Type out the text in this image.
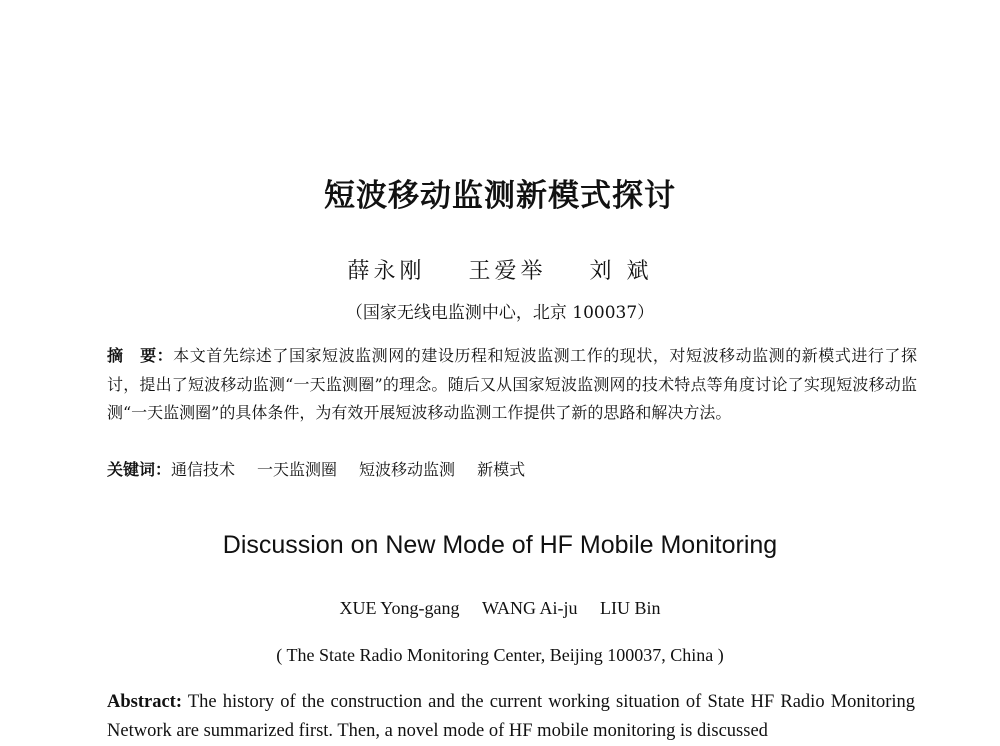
短波移动监测新模式探讨
薛永刚 王爱举 刘 斌
（国家无线电监测中心，北京 100037）
摘　要：本文首先综述了国家短波监测网的建设历程和短波监测工作的现状，对短波移动监测的新模式进行了探讨，提出了短波移动监测“一天监测圈”的理念。随后又从国家短波监测网的技术特点等角度讨论了实现短波移动监测“一天监测圈”的具体条件，为有效开展短波移动监测工作提供了新的思路和解决方法。
关键词：通信技术 一天监测圈 短波移动监测 新模式
Discussion on New Mode of HF Mobile Monitoring
XUE Yong-gang WANG Ai-ju LIU Bin
( The State Radio Monitoring Center, Beijing 100037, China )
Abstract: The history of the construction and the current working situation of State HF Radio Monitoring Network are summarized first. Then, a novel mode of HF mobile monitoring is discussed
